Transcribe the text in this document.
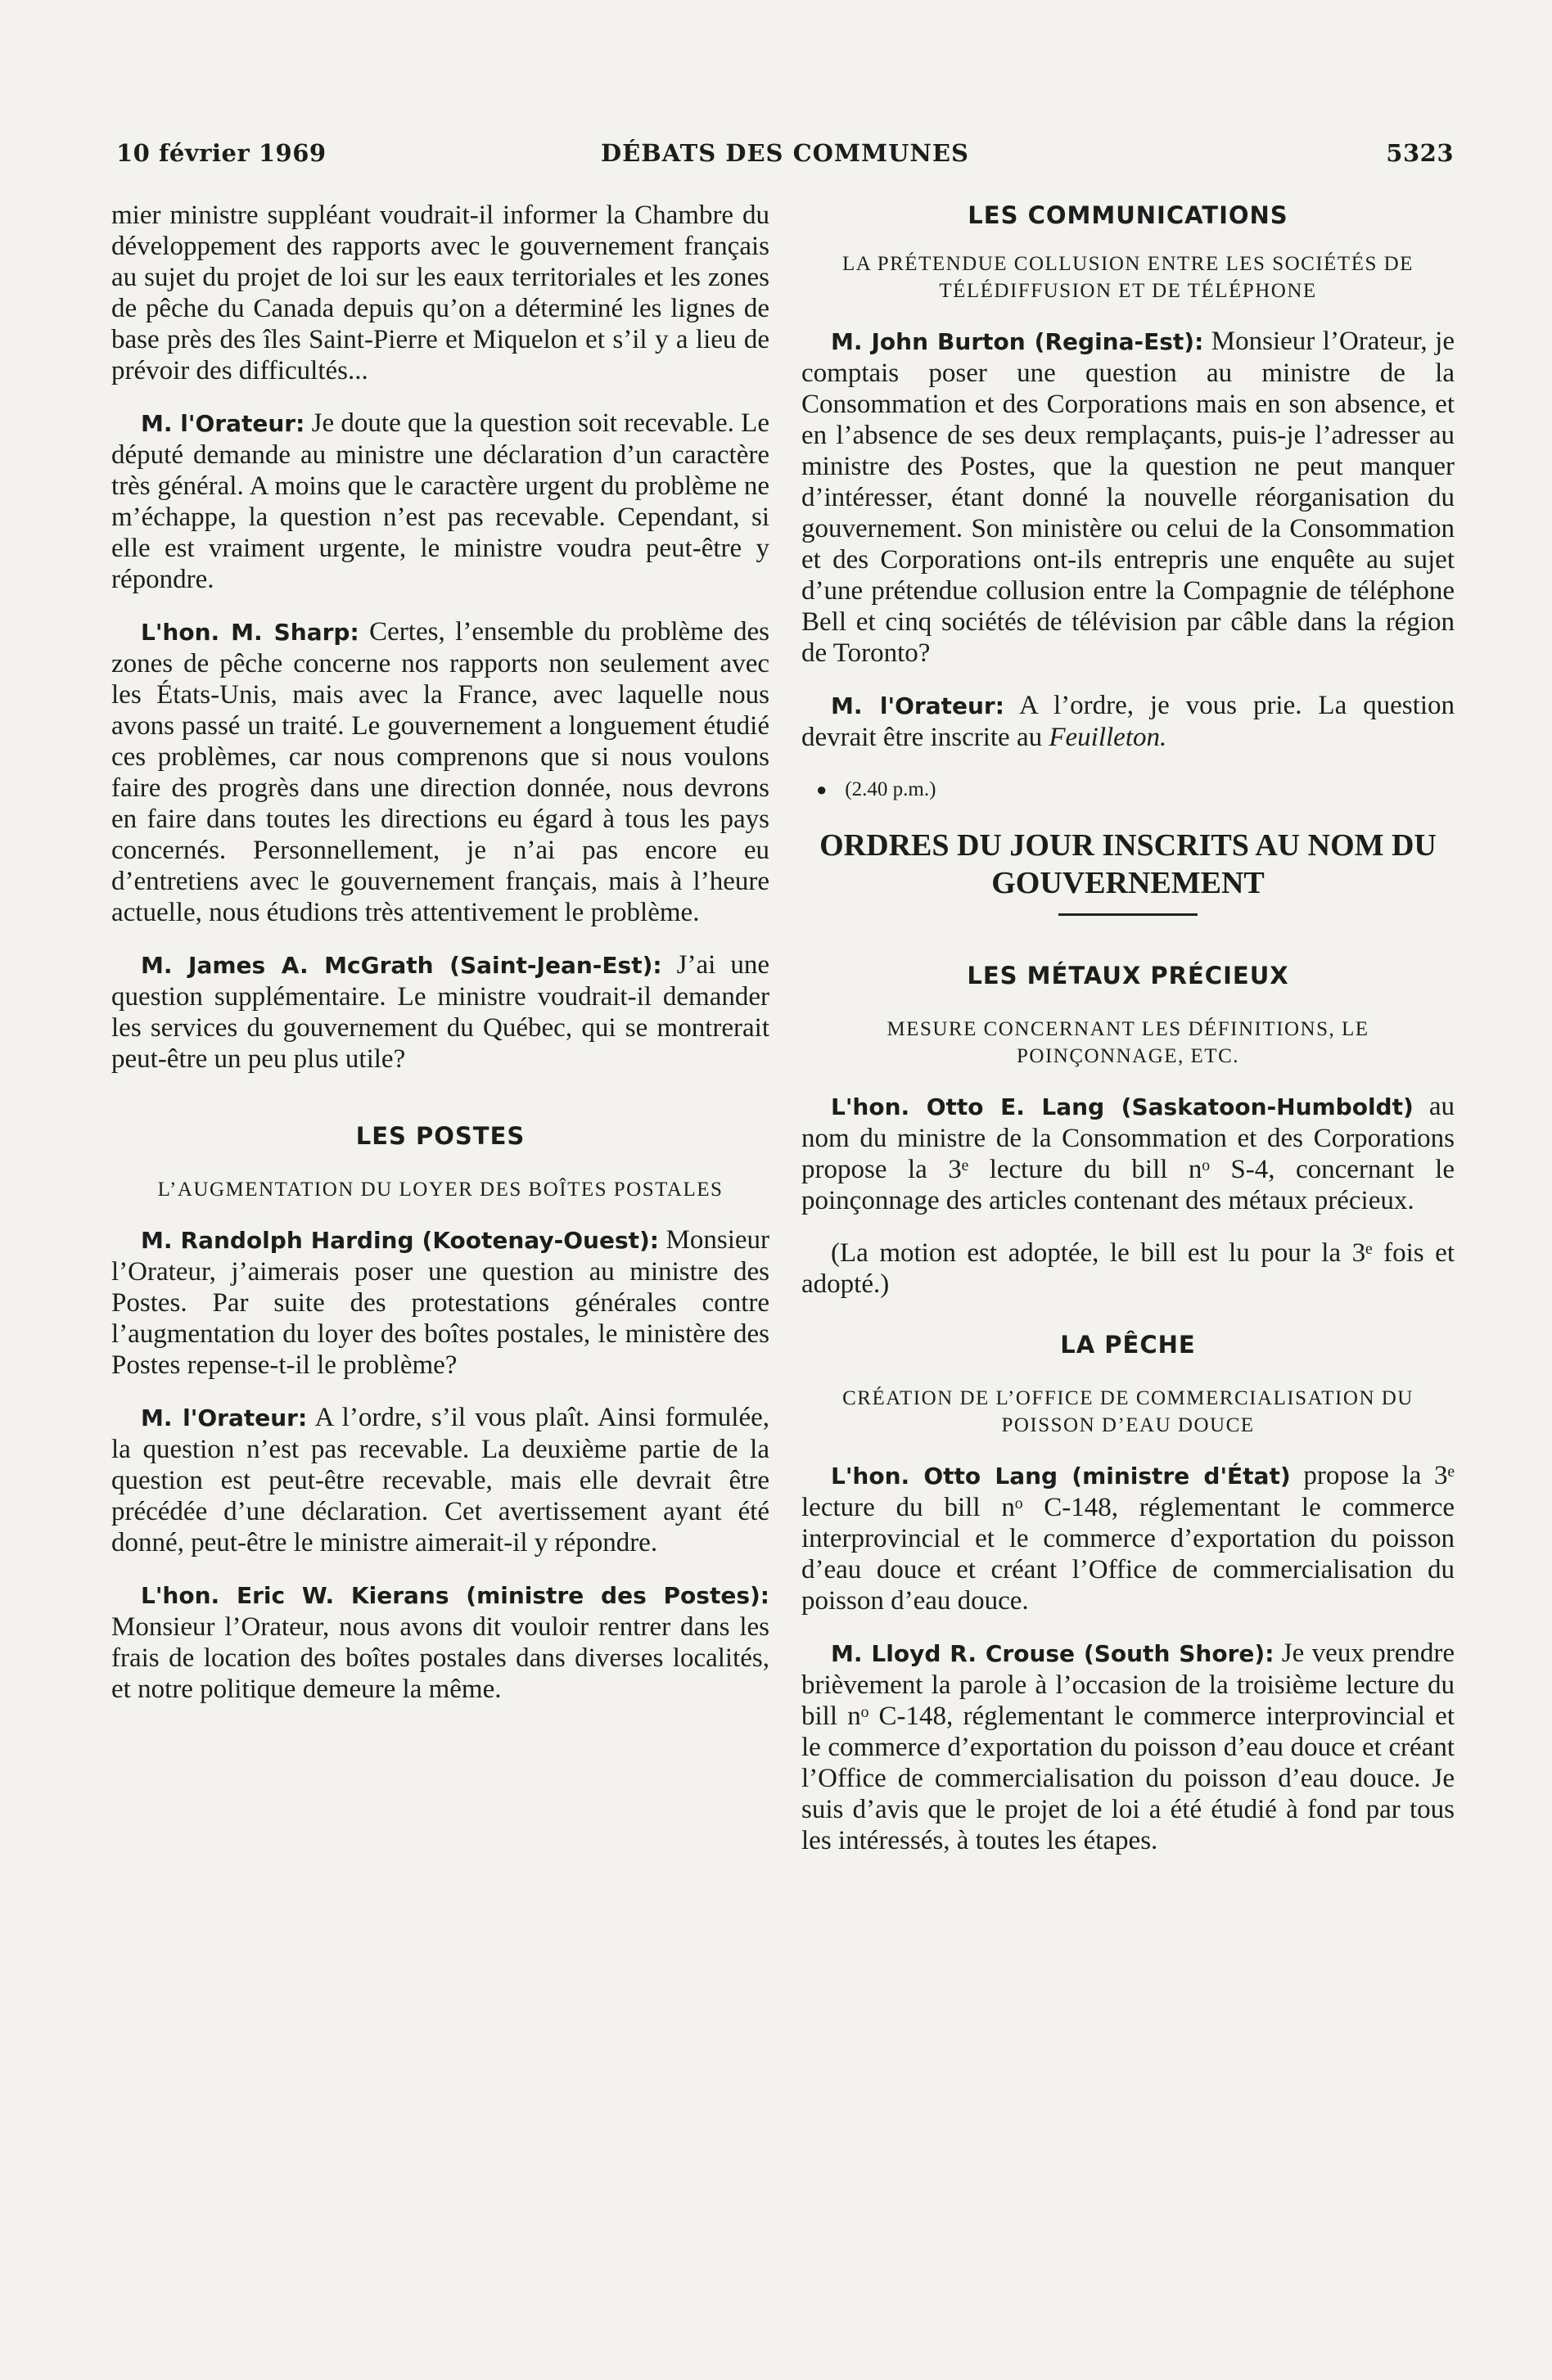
10 février 1969	DÉBATS DES COMMUNES	5323

mier ministre suppléant voudrait-il informer la Chambre du développement des rapports avec le gouvernement français au sujet du projet de loi sur les eaux territoriales et les zones de pêche du Canada depuis qu’on a déterminé les lignes de base près des îles Saint-Pierre et Miquelon et s’il y a lieu de prévoir des difficultés...

M. l'Orateur: Je doute que la question soit recevable. Le député demande au ministre une déclaration d’un caractère très général. A moins que le caractère urgent du problème ne m’échappe, la question n’est pas recevable. Cependant, si elle est vraiment urgente, le ministre voudra peut-être y répondre.

L'hon. M. Sharp: Certes, l’ensemble du problème des zones de pêche concerne nos rapports non seulement avec les États-Unis, mais avec la France, avec laquelle nous avons passé un traité. Le gouvernement a longuement étudié ces problèmes, car nous comprenons que si nous voulons faire des progrès dans une direction donnée, nous devrons en faire dans toutes les directions eu égard à tous les pays concernés. Personnellement, je n’ai pas encore eu d’entretiens avec le gouvernement français, mais à l’heure actuelle, nous étudions très attentivement le problème.

M. James A. McGrath (Saint-Jean-Est): J’ai une question supplémentaire. Le ministre voudrait-il demander les services du gouvernement du Québec, qui se montrerait peut-être un peu plus utile?

LES POSTES
L’AUGMENTATION DU LOYER DES BOÎTES POSTALES

M. Randolph Harding (Kootenay-Ouest): Monsieur l’Orateur, j’aimerais poser une question au ministre des Postes. Par suite des protestations générales contre l’augmentation du loyer des boîtes postales, le ministère des Postes repense-t-il le problème?

M. l'Orateur: A l’ordre, s’il vous plaît. Ainsi formulée, la question n’est pas recevable. La deuxième partie de la question est peut-être recevable, mais elle devrait être précédée d’une déclaration. Cet avertissement ayant été donné, peut-être le ministre aimerait-il y répondre.

L'hon. Eric W. Kierans (ministre des Postes): Monsieur l’Orateur, nous avons dit vouloir rentrer dans les frais de location des boîtes postales dans diverses localités, et notre politique demeure la même.

LES COMMUNICATIONS
LA PRÉTENDUE COLLUSION ENTRE LES SOCIÉTÉS DE TÉLÉDIFFUSION ET DE TÉLÉPHONE

M. John Burton (Regina-Est): Monsieur l’Orateur, je comptais poser une question au ministre de la Consommation et des Corporations mais en son absence, et en l’absence de ses deux remplaçants, puis-je l’adresser au ministre des Postes, que la question ne peut manquer d’intéresser, étant donné la nouvelle réorganisation du gouvernement. Son ministère ou celui de la Consommation et des Corporations ont-ils entrepris une enquête au sujet d’une prétendue collusion entre la Compagnie de téléphone Bell et cinq sociétés de télévision par câble dans la région de Toronto?

M. l'Orateur: A l’ordre, je vous prie. La question devrait être inscrite au Feuilleton.

● (2.40 p.m.)
ORDRES DU JOUR INSCRITS AU NOM DU GOUVERNEMENT
LES MÉTAUX PRÉCIEUX
MESURE CONCERNANT LES DÉFINITIONS, LE POINÇONNAGE, ETC.

L'hon. Otto E. Lang (Saskatoon-Humboldt) au nom du ministre de la Consommation et des Corporations propose la 3ᵉ lecture du bill nᵒ S-4, concernant le poinçonnage des articles contenant des métaux précieux.

(La motion est adoptée, le bill est lu pour la 3ᵉ fois et adopté.)

LA PÊCHE
CRÉATION DE L’OFFICE DE COMMERCIALISATION DU POISSON D’EAU DOUCE

L'hon. Otto Lang (ministre d'État) propose la 3ᵉ lecture du bill nᵒ C-148, réglementant le commerce interprovincial et le commerce d’exportation du poisson d’eau douce et créant l’Office de commercialisation du poisson d’eau douce.

M. Lloyd R. Crouse (South Shore): Je veux prendre brièvement la parole à l’occasion de la troisième lecture du bill nᵒ C-148, réglementant le commerce interprovincial et le commerce d’exportation du poisson d’eau douce et créant l’Office de commercialisation du poisson d’eau douce. Je suis d’avis que le projet de loi a été étudié à fond par tous les intéressés, à toutes les étapes.
